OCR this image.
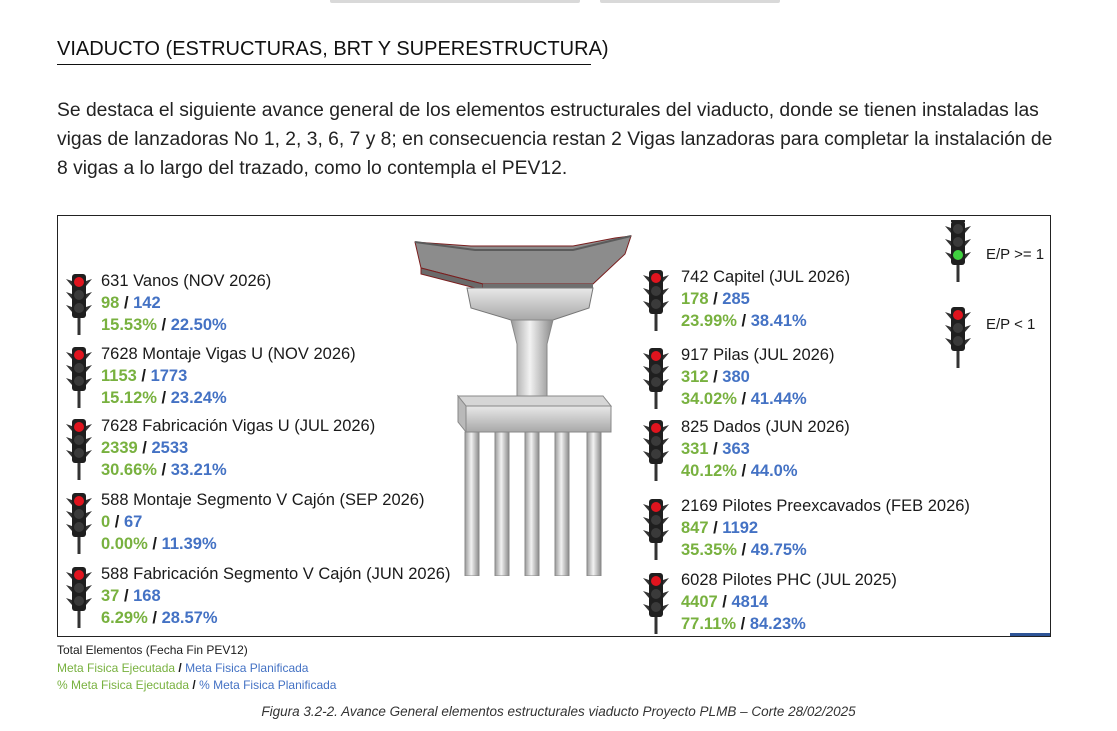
VIADUCTO (ESTRUCTURAS, BRT Y SUPERESTRUCTURA)
Se destaca el siguiente avance general de los elementos estructurales del viaducto, donde se tienen instaladas las vigas de lanzadoras No 1, 2, 3, 6, 7 y 8; en consecuencia restan 2 Vigas lanzadoras para completar la instalación de 8 vigas a lo largo del trazado, como lo contempla el PEV12.
631 Vanos (NOV 2026)
98 / 142
15.53% / 22.50%
7628 Montaje Vigas U (NOV 2026)
1153 / 1773
15.12% / 23.24%
7628 Fabricación Vigas U (JUL 2026)
2339 / 2533
30.66% / 33.21%
588 Montaje Segmento V Cajón (SEP 2026)
0 / 67
0.00% / 11.39%
588 Fabricación Segmento V Cajón (JUN 2026)
37 / 168
6.29% / 28.57%
742 Capitel (JUL 2026)
178 / 285
23.99% / 38.41%
917 Pilas (JUL 2026)
312 / 380
34.02% / 41.44%
825 Dados (JUN 2026)
331 / 363
40.12% / 44.0%
2169 Pilotes Preexcavados (FEB 2026)
847 / 1192
35.35% / 49.75%
6028 Pilotes PHC (JUL 2025)
4407 / 4814
77.11% / 84.23%
E/P >= 1
E/P < 1
Total Elementos (Fecha Fin PEV12)
Meta Fisica Ejecutada / Meta Fisica Planificada
% Meta Fisica Ejecutada / % Meta Fisica Planificada
Figura 3.2-2. Avance General elementos estructurales viaducto Proyecto PLMB – Corte 28/02/2025
